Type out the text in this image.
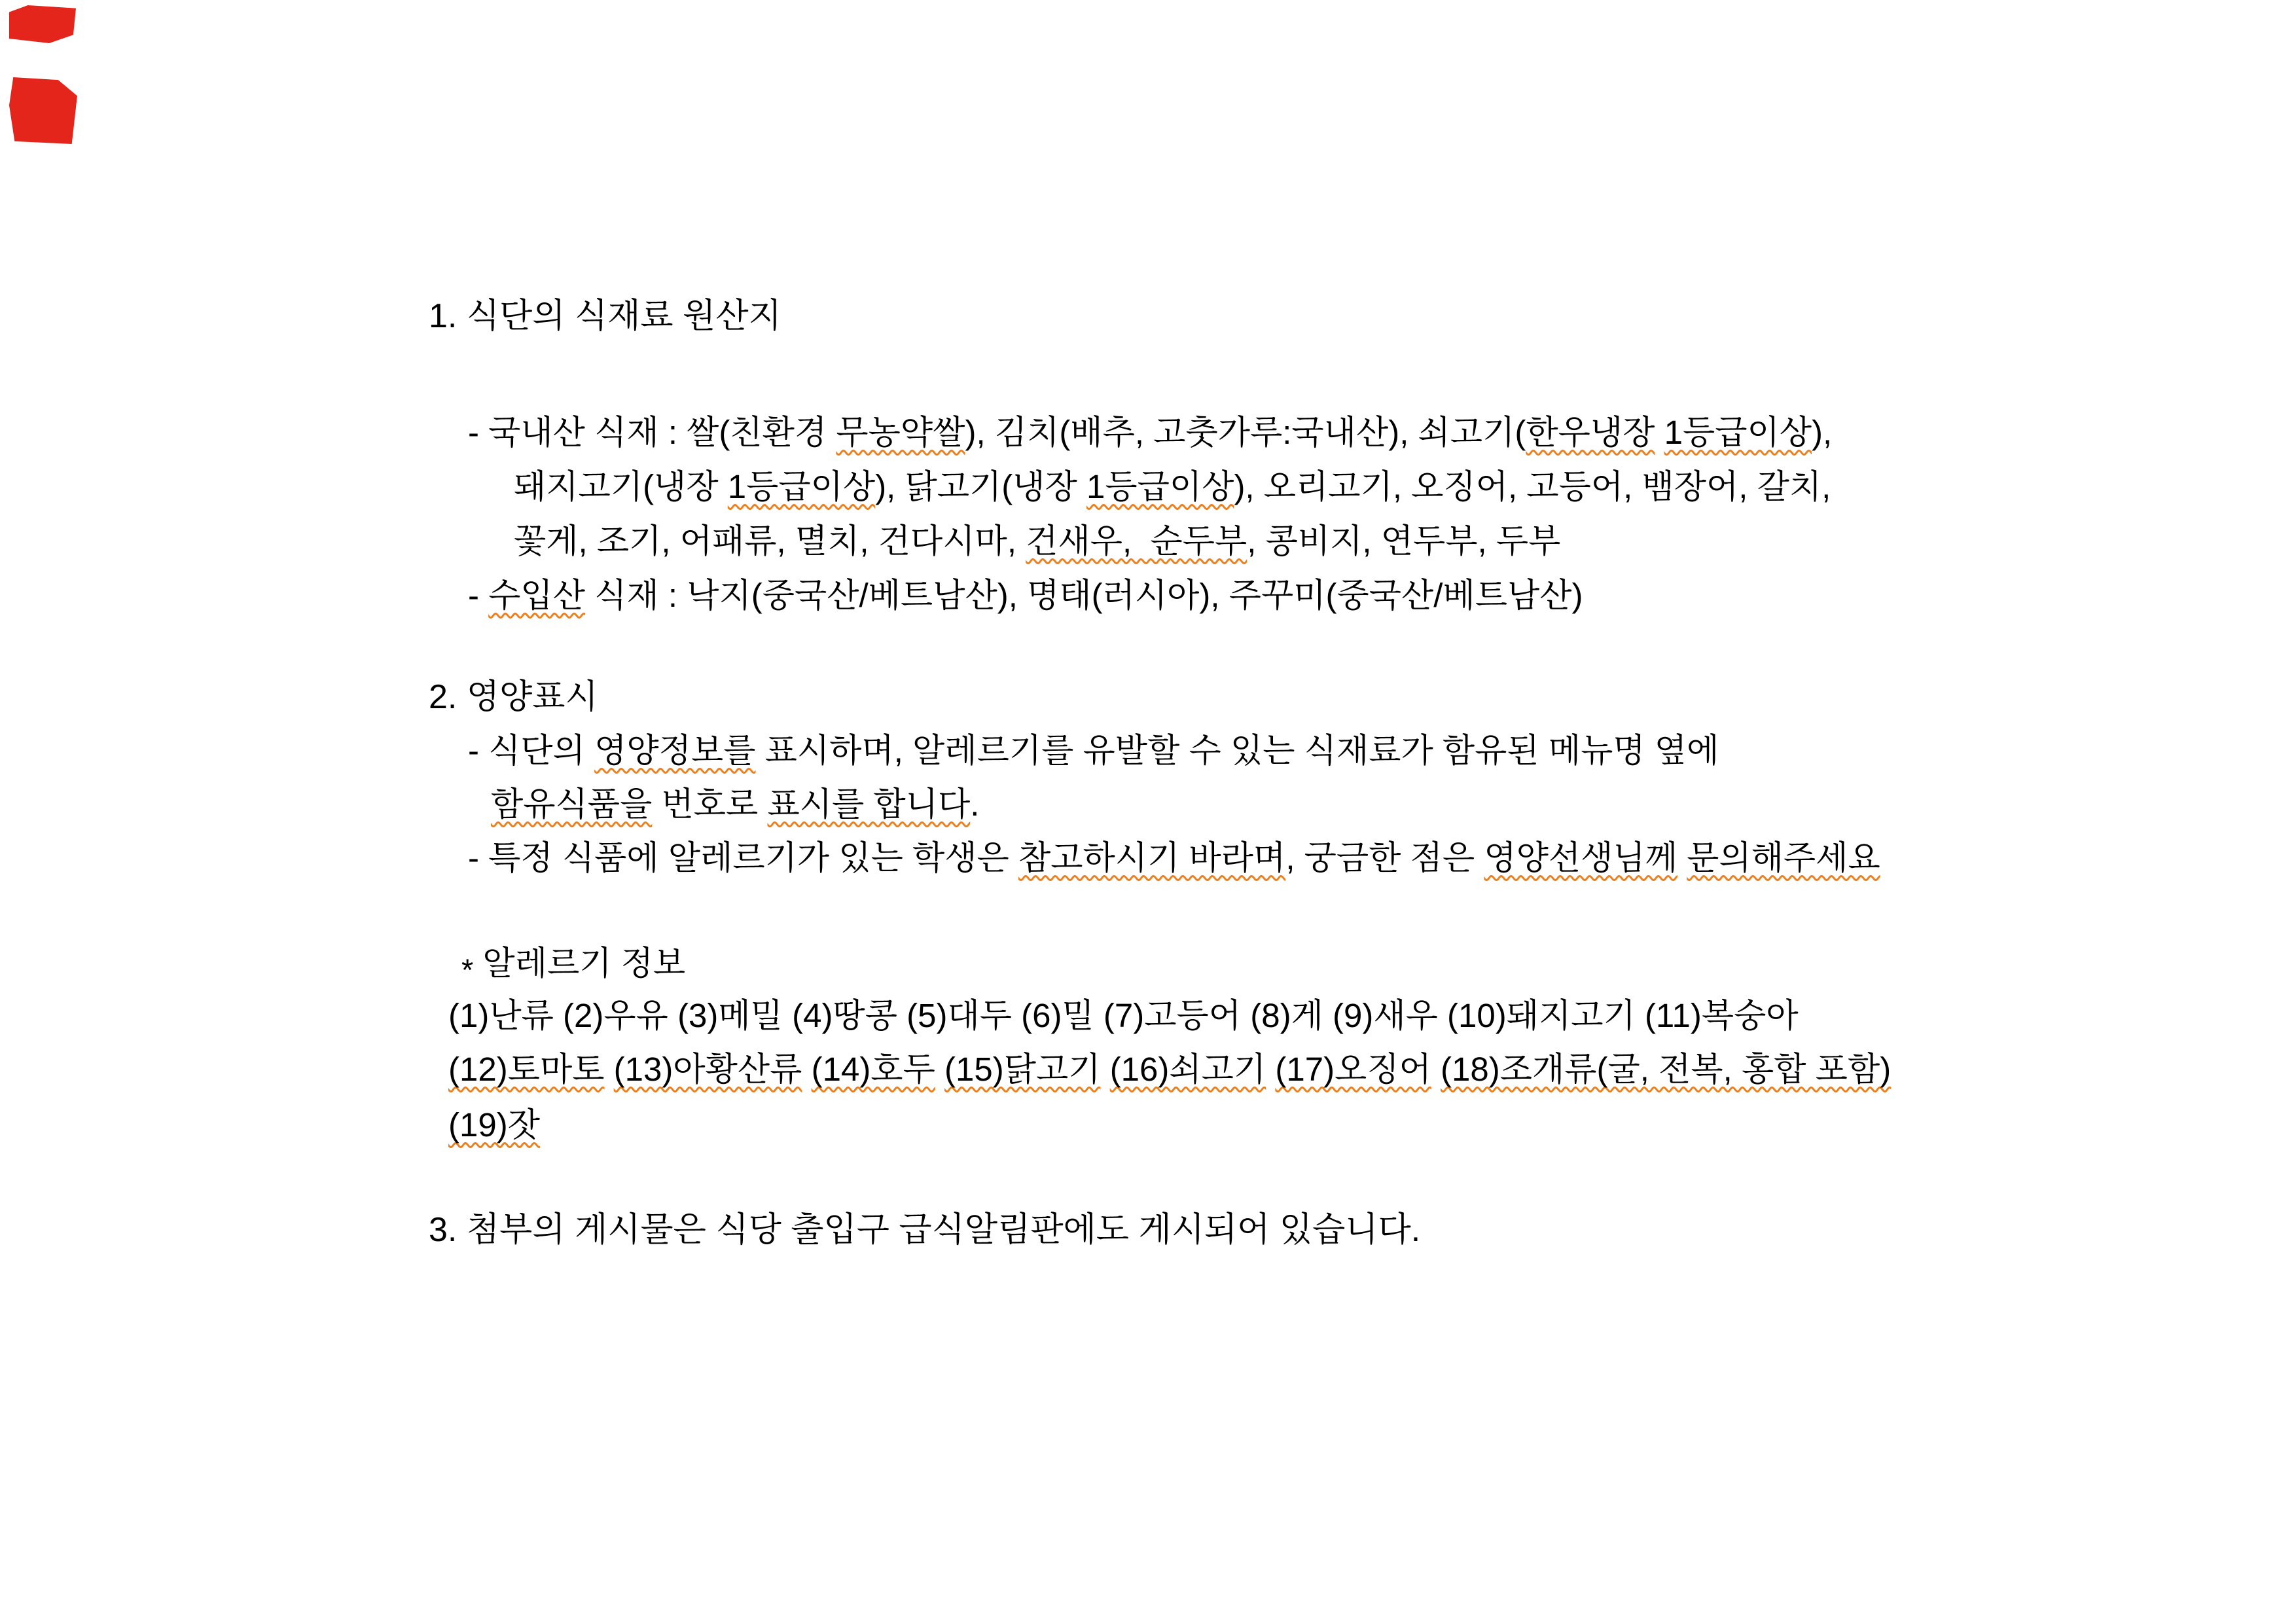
1. 식단의 식재료 원산지
- 국내산 식재 : 쌀(친환경 무농약쌀), 김치(배추, 고춧가루:국내산), 쇠고기(한우냉장 1등급이상),
돼지고기(냉장 1등급이상), 닭고기(냉장 1등급이상), 오리고기, 오징어, 고등어, 뱀장어, 갈치,
꽃게, 조기, 어패류, 멸치, 건다시마, 건새우,  순두부, 콩비지, 연두부, 두부
- 수입산 식재 : 낙지(중국산/베트남산), 명태(러시아), 주꾸미(중국산/베트남산)
2. 영양표시
- 식단의 영양정보를 표시하며, 알레르기를 유발할 수 있는 식재료가 함유된 메뉴명 옆에
함유식품을 번호로 표시를 합니다.
- 특정 식품에 알레르기가 있는 학생은 참고하시기 바라며, 궁금한 점은 영양선생님께 문의해주세요
* 알레르기 정보
(1)난류 (2)우유 (3)메밀 (4)땅콩 (5)대두 (6)밀 (7)고등어 (8)게 (9)새우 (10)돼지고기 (11)복숭아
(12)토마토 (13)아황산류 (14)호두 (15)닭고기 (16)쇠고기 (17)오징어 (18)조개류(굴, 전복, 홍합 포함)
(19)잣
3. 첨부의 게시물은 식당 출입구 급식알림판에도 게시되어 있습니다.
